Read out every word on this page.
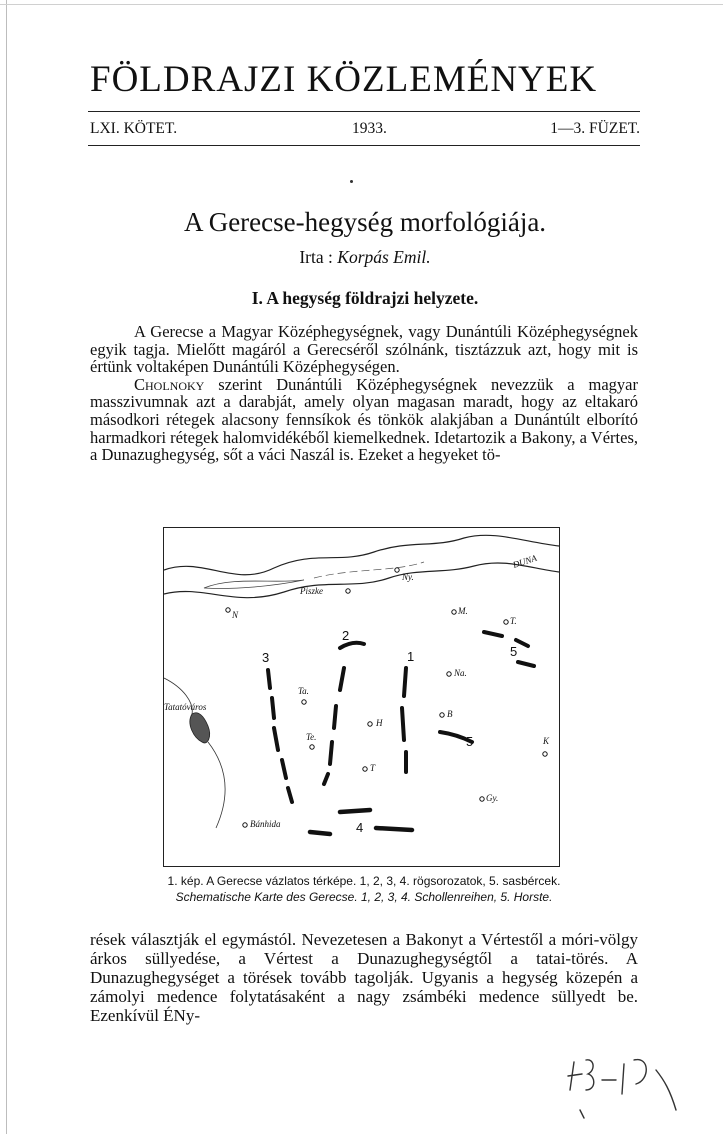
FÖLDRAJZI KÖZLEMÉNYEK
LXI. KÖTET.	1933.	1—3. FÜZET.
A Gerecse-hegység morfológiája.
Irta : Korpás Emil.
I. A hegység földrajzi helyzete.

A Gerecse a Magyar Középhegységnek, vagy Dunántúli Középhegységnek egyik tagja. Mielőtt magáról a Gerecséről szólnánk, tisztázzuk azt, hogy mit is értünk voltaképen Dunántúli Középhegységen.

Cholnoky szerint Dunántúli Középhegységnek nevezzük a magyar masszivumnak azt a darabját, amely olyan magasan maradt, hogy az eltakaró másodkori rétegek alacsony fennsíkok és tönkök alakjában a Dunántúlt elborító harmadkori rétegek halomvidékéből kiemelkednek. Idetartozik a Bakony, a Vértes, a Dunazughegység, sőt a váci Naszál is. Ezeket a hegyeket tö-

DUNA
Piszke
Ny.
N
Tatatóváros
Ta.
Te.
H
T
M.
T.
Na.
B
K
Gy.
Bánhida
1
2
3
4
5
5
1. kép. A Gerecse vázlatos térképe. 1, 2, 3, 4. rögsorozatok, 5. sasbércek.
Schematische Karte des Gerecse. 1, 2, 3, 4. Schollenreihen, 5. Horste.

rések választják el egymástól. Nevezetesen a Bakonyt a Vértestől a móri-völgy árkos süllyedése, a Vértest a Dunazughegységtől a tatai-törés. A Dunazughegységet a törések tovább tagolják. Ugyanis a hegység közepén a zámolyi medence folytatásaként a nagy zsámbéki medence süllyedt be. Ezenkívül ÉNy-
